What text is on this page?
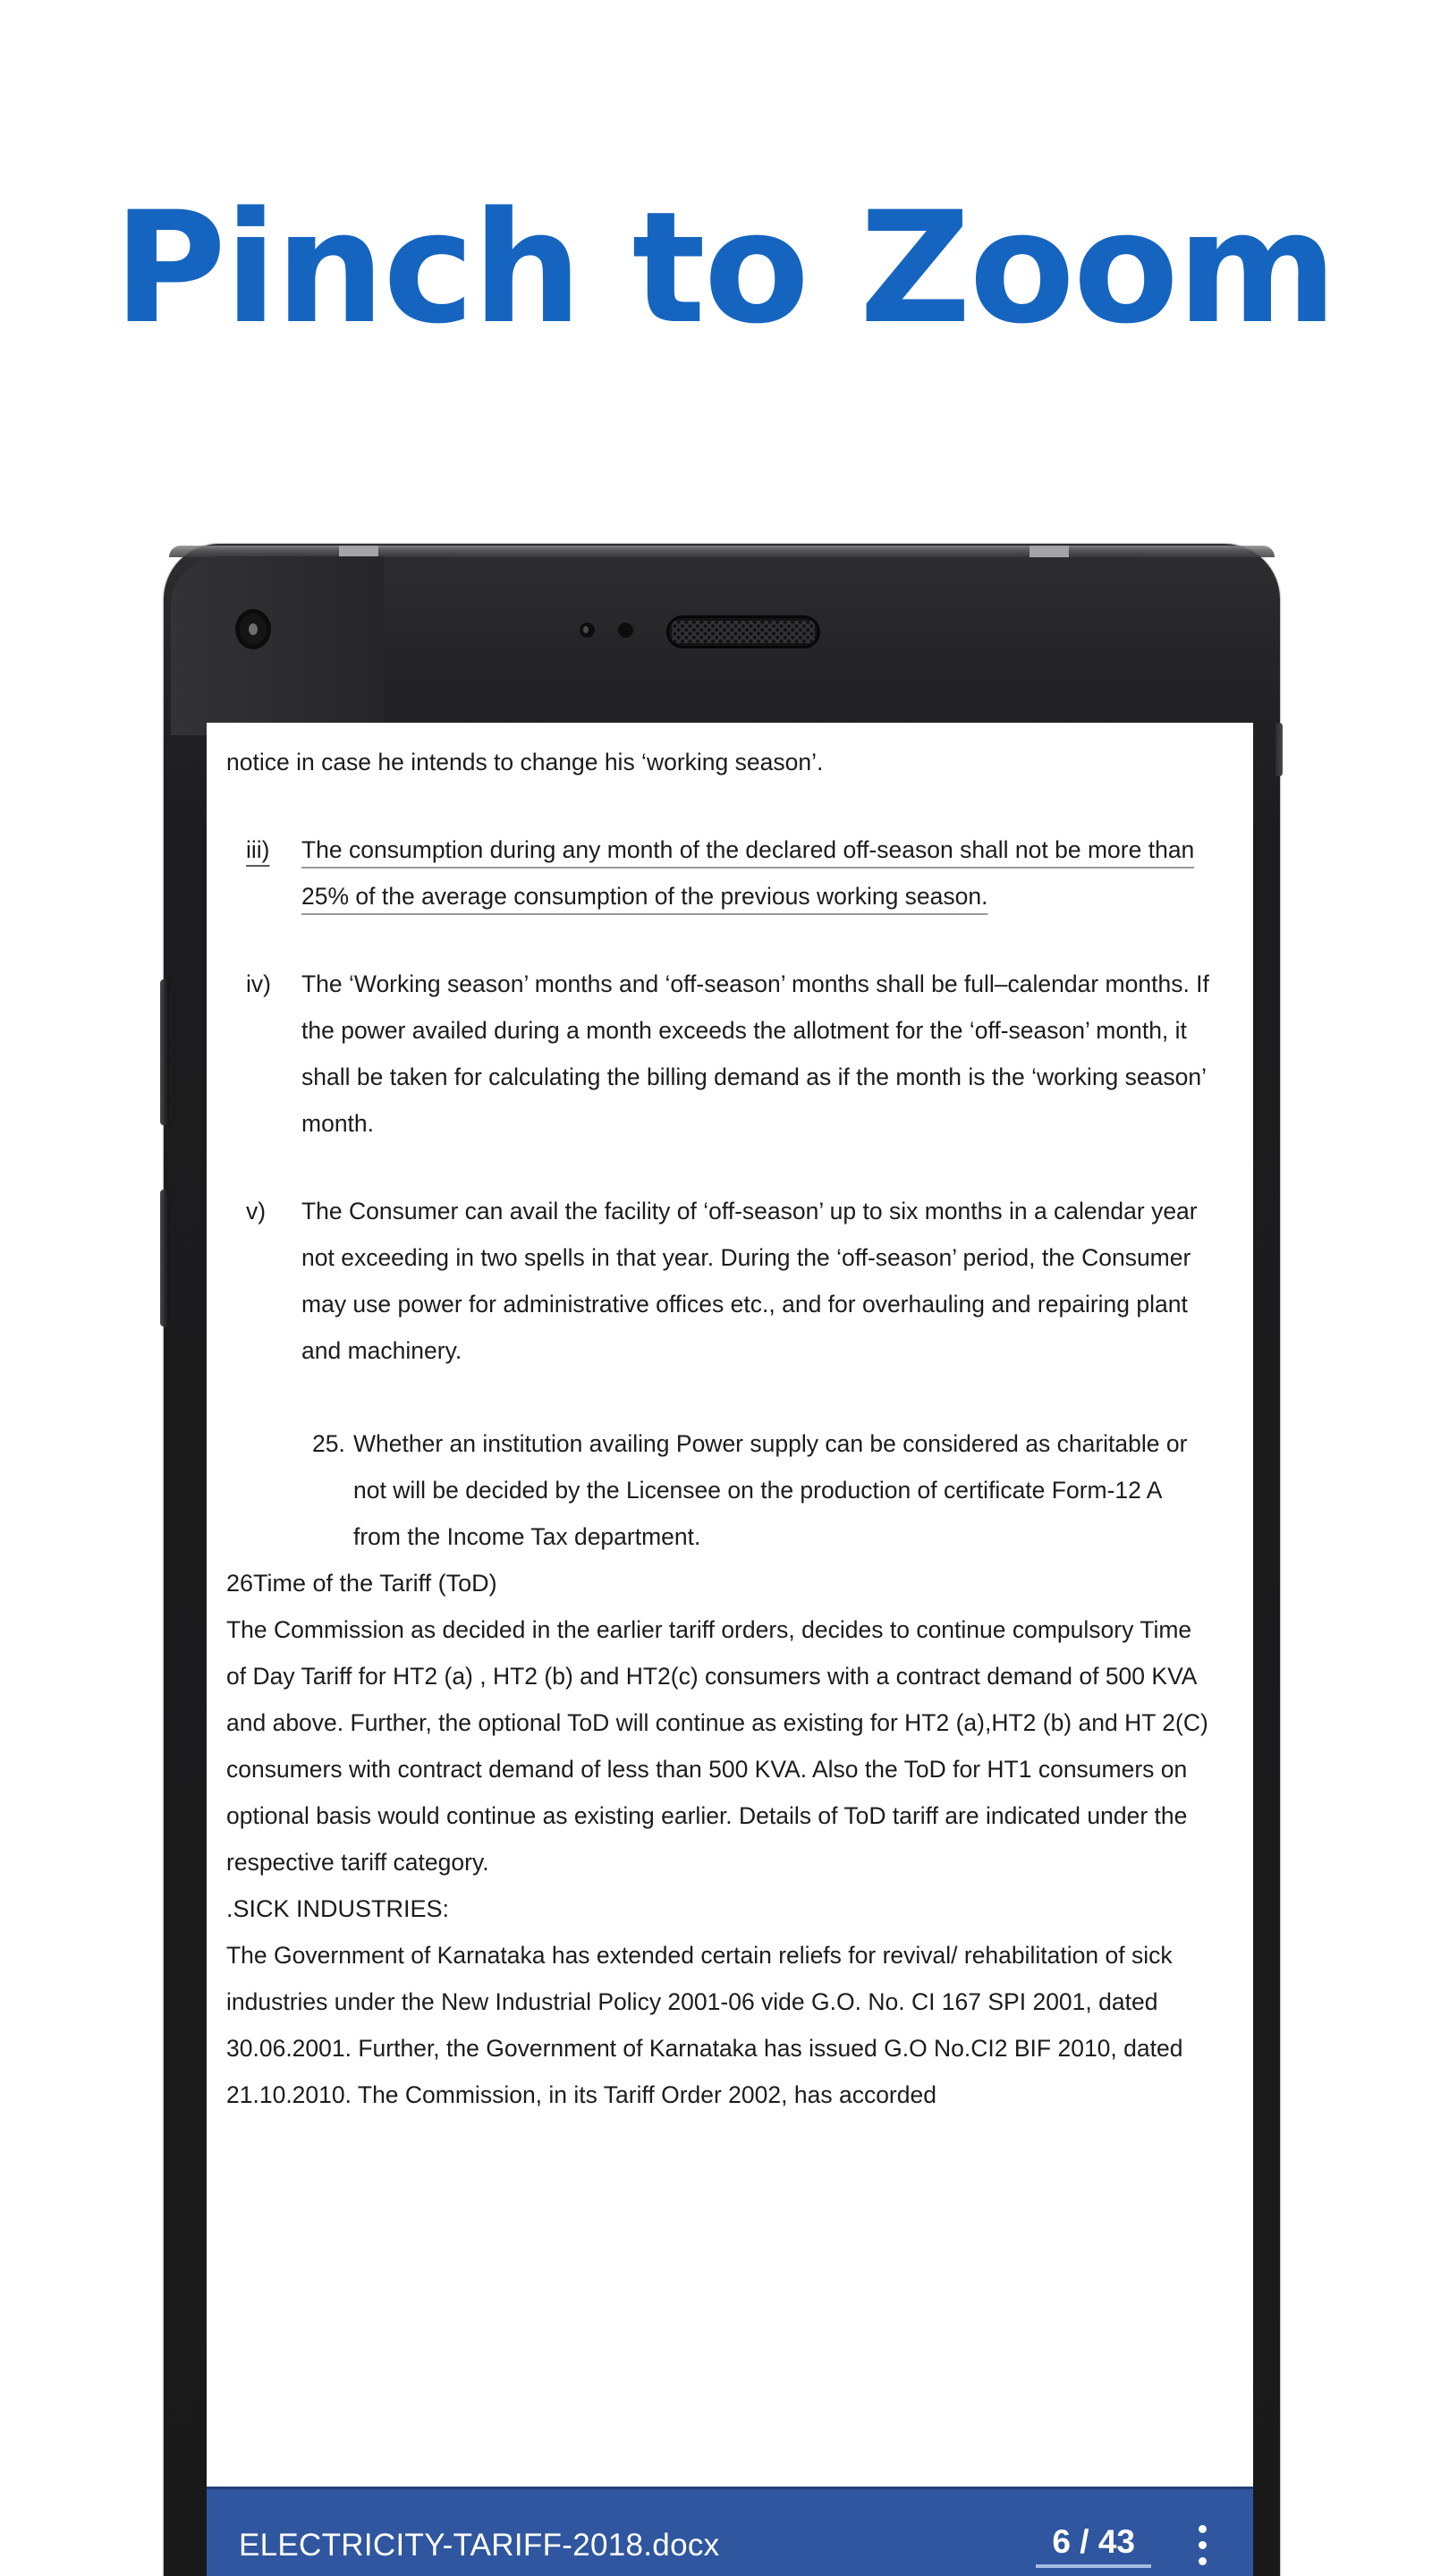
Pinch to Zoom

notice in case he intends to change his ‘working season’.

iii)	The consumption during any month of the declared off-season shall not be more than 25% of the average consumption of the previous working season.
iv)	The ‘Working season’ months and ‘off-season’ months shall be full–calendar months. If the power availed during a month exceeds the allotment for the ‘off-season’ month, it shall be taken for calculating the billing demand as if the month is the ‘working season’ month.
v)	The Consumer can avail the facility of ‘off-season’ up to six months in a calendar year not exceeding in two spells in that year. During the ‘off-season’ period, the Consumer may use power for administrative offices etc., and for overhauling and repairing plant and machinery.
25. Whether an institution availing Power supply can be considered as charitable or not will be decided by the Licensee on the production of certificate Form-12 A from the Income Tax department.

26Time of the Tariff (ToD)

The Commission as decided in the earlier tariff orders, decides to continue compulsory Time of Day Tariff for HT2 (a) , HT2 (b) and HT2(c) consumers with a contract demand of 500 KVA and above. Further, the optional ToD will continue as existing for HT2 (a),HT2 (b) and HT 2(C) consumers with contract demand of less than 500 KVA. Also the ToD for HT1 consumers on optional basis would continue as existing earlier. Details of ToD tariff are indicated under the respective tariff category.

.SICK INDUSTRIES:

The Government of Karnataka has extended certain reliefs for revival/ rehabilitation of sick industries under the New Industrial Policy 2001-06 vide G.O. No. CI 167 SPI 2001, dated 30.06.2001. Further, the Government of Karnataka has issued G.O No.CI2 BIF 2010, dated 21.10.2010. The Commission, in its Tariff Order 2002, has accorded

ELECTRICITY-TARIFF-2018.docx	6 / 43
